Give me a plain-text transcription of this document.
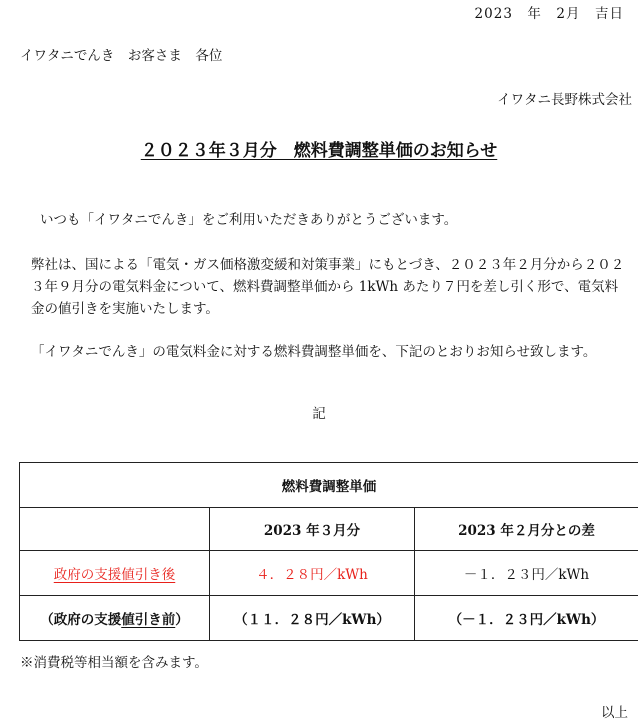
2023　年　2月　吉日
イワタニでんき　お客さま　各位
イワタニ長野株式会社
２０２３年３月分　燃料費調整単価のお知らせ

いつも「イワタニでんき」をご利用いただきありがとうございます。

弊社は、国による「電気・ガス価格激変緩和対策事業」にもとづき、２０２３年２月分から２０２３年９月分の電気料金について、燃料費調整単価から 1kWh あたり７円を差し引く形で、電気料金の値引きを実施いたします。

「イワタニでんき」の電気料金に対する燃料費調整単価を、下記のとおりお知らせ致します。

記
燃料費調整単価		
	2023 年３月分	2023 年２月分との差
政府の支援値引き後	４．２８円／kWh	－１．２３円／kWh
（政府の支援値引き前）	（１１．２８円／kWh）	（－１．２３円／kWh）
※消費税等相当額を含みます。
以上
